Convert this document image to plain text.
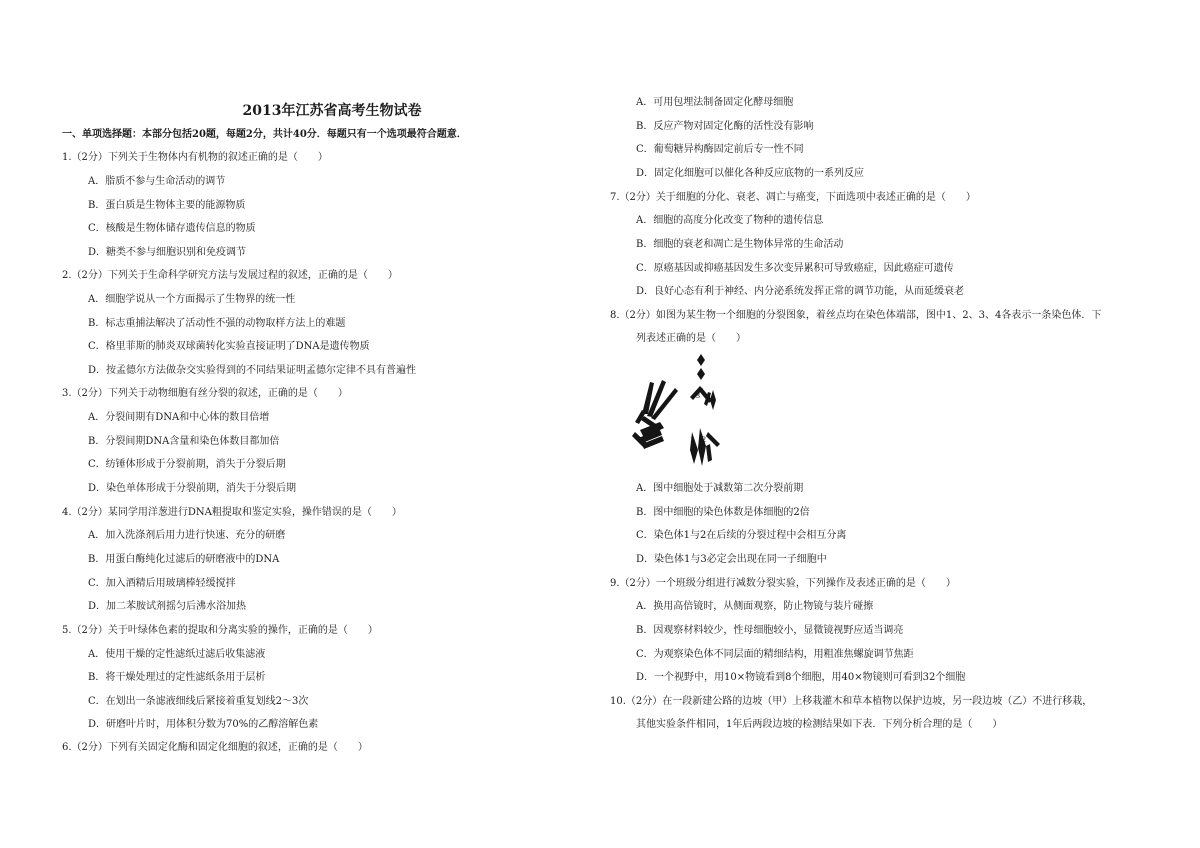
2013年江苏省高考生物试卷
一、单项选择题：本部分包括20题，每题2分，共计40分．每题只有一个选项最符合题意．
1.（2分）下列关于生物体内有机物的叙述正确的是（　　）
A．脂质不参与生命活动的调节
B．蛋白质是生物体主要的能源物质
C．核酸是生物体储存遗传信息的物质
D．糖类不参与细胞识别和免疫调节
2.（2分）下列关于生命科学研究方法与发展过程的叙述，正确的是（　　）
A．细胞学说从一个方面揭示了生物界的统一性
B．标志重捕法解决了活动性不强的动物取样方法上的难题
C．格里菲斯的肺炎双球菌转化实验直接证明了DNA是遗传物质
D．按孟德尔方法做杂交实验得到的不同结果证明孟德尔定律不具有普遍性
3.（2分）下列关于动物细胞有丝分裂的叙述，正确的是（　　）
A．分裂间期有DNA和中心体的数目倍增
B．分裂间期DNA含量和染色体数目都加倍
C．纺锤体形成于分裂前期，消失于分裂后期
D．染色单体形成于分裂前期，消失于分裂后期
4.（2分）某同学用洋葱进行DNA粗提取和鉴定实验，操作错误的是（　　）
A．加入洗涤剂后用力进行快速、充分的研磨
B．用蛋白酶纯化过滤后的研磨液中的DNA
C．加入酒精后用玻璃棒轻缓搅拌
D．加二苯胺试剂摇匀后沸水浴加热
5.（2分）关于叶绿体色素的提取和分离实验的操作，正确的是（　　）
A．使用干燥的定性滤纸过滤后收集滤液
B．将干燥处理过的定性滤纸条用于层析
C．在划出一条滤液细线后紧接着重复划线2～3次
D．研磨叶片时，用体积分数为70%的乙醇溶解色素
6.（2分）下列有关固定化酶和固定化细胞的叙述，正确的是（　　）
A．可用包埋法制备固定化酵母细胞
B．反应产物对固定化酶的活性没有影响
C．葡萄糖异构酶固定前后专一性不同
D．固定化细胞可以催化各种反应底物的一系列反应
7.（2分）关于细胞的分化、衰老、凋亡与癌变，下面选项中表述正确的是（　　）
A．细胞的高度分化改变了物种的遗传信息
B．细胞的衰老和凋亡是生物体异常的生命活动
C．原癌基因或抑癌基因发生多次变异累积可导致癌症，因此癌症可遗传
D．良好心态有利于神经、内分泌系统发挥正常的调节功能，从而延缓衰老
8.（2分）如图为某生物一个细胞的分裂图象，着丝点均在染色体端部，图中1、2、3、4各表示一条染色体．下
列表述正确的是（　　）
4
3
1 2
A．图中细胞处于减数第二次分裂前期
B．图中细胞的染色体数是体细胞的2倍
C．染色体1与2在后续的分裂过程中会相互分离
D．染色体1与3必定会出现在同一子细胞中
9.（2分）一个班级分组进行减数分裂实验，下列操作及表述正确的是（　　）
A．换用高倍镜时，从侧面观察，防止物镜与装片碰擦
B．因观察材料较少，性母细胞较小，显微镜视野应适当调亮
C．为观察染色体不同层面的精细结构，用粗准焦螺旋调节焦距
D．一个视野中，用10×物镜看到8个细胞，用40×物镜则可看到32个细胞
10.（2分）在一段新建公路的边坡（甲）上移栽灌木和草本植物以保护边坡，另一段边坡（乙）不进行移栽，
其他实验条件相同，1年后两段边坡的检测结果如下表．下列分析合理的是（　　）
